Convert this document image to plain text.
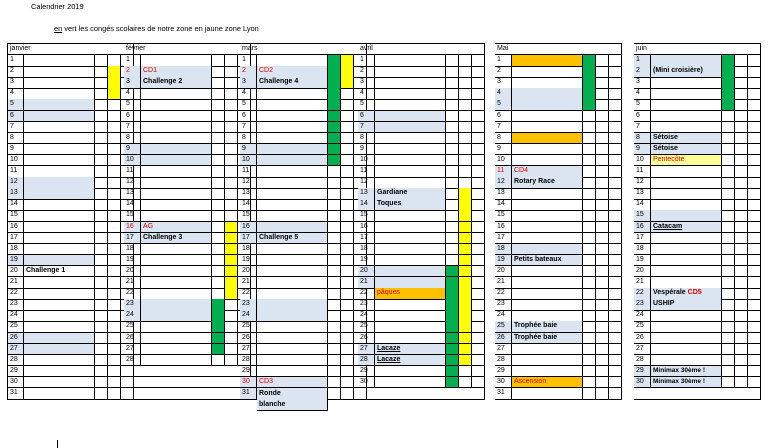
Calendrier 2019
en vert les congés scolaires de notre zone en jaune zone Lyon
janvier
1
2
3
4
5
6
7
8
9
10
11
12
13
14
15
16
17
18
19
20	Challenge 1
21
22
23
24
25
26
27
28
29
30
31
février
1
2	CD1
3	Challenge 2
4
5
6
7
8
9
10
11
12
13
14
15
16	AG
17	Challenge 3
18
19
20
21
22
23
24
25
26
27
28
mars
1
2	CD2
3	Challenge 4
4
5
6
7
8
9
10
11
12
13
14
15
16
17	Challenge 5
18
19
20
21
22
23
24
25
26
27
28
29
30	CD3
31	Ronde
blanche
avril
1
2
3
4
5
6
7
8
9
10
11
12
13	Gardiane
14	Toques
15
16
17
18
19
20
21
22	pâques
23
24
25
26
27	Lacaze
28	Lacaze
29
30
Mai
1
2
3
4
5
6
7
8
9
10
11	CD4
12	Rotary Race
13
14
15
16
17
18
19	Petits bateaux
20
21
22
23
24
25	Trophée baie
26	Trophée baie
27
28
29
30	Ascension
31
juin
1
2	(Mini croisière)
3
4
5
6
7
8	Sétoise
9	Sétoise
10	Pentecôte
11
12
13
14
15
16	Catacam
17
18
19
20
21
22	Vespérale CD5
23	USHIP
24
25
26
27
28
29	Minimax 30ème !
30	Minimax 30ème !
